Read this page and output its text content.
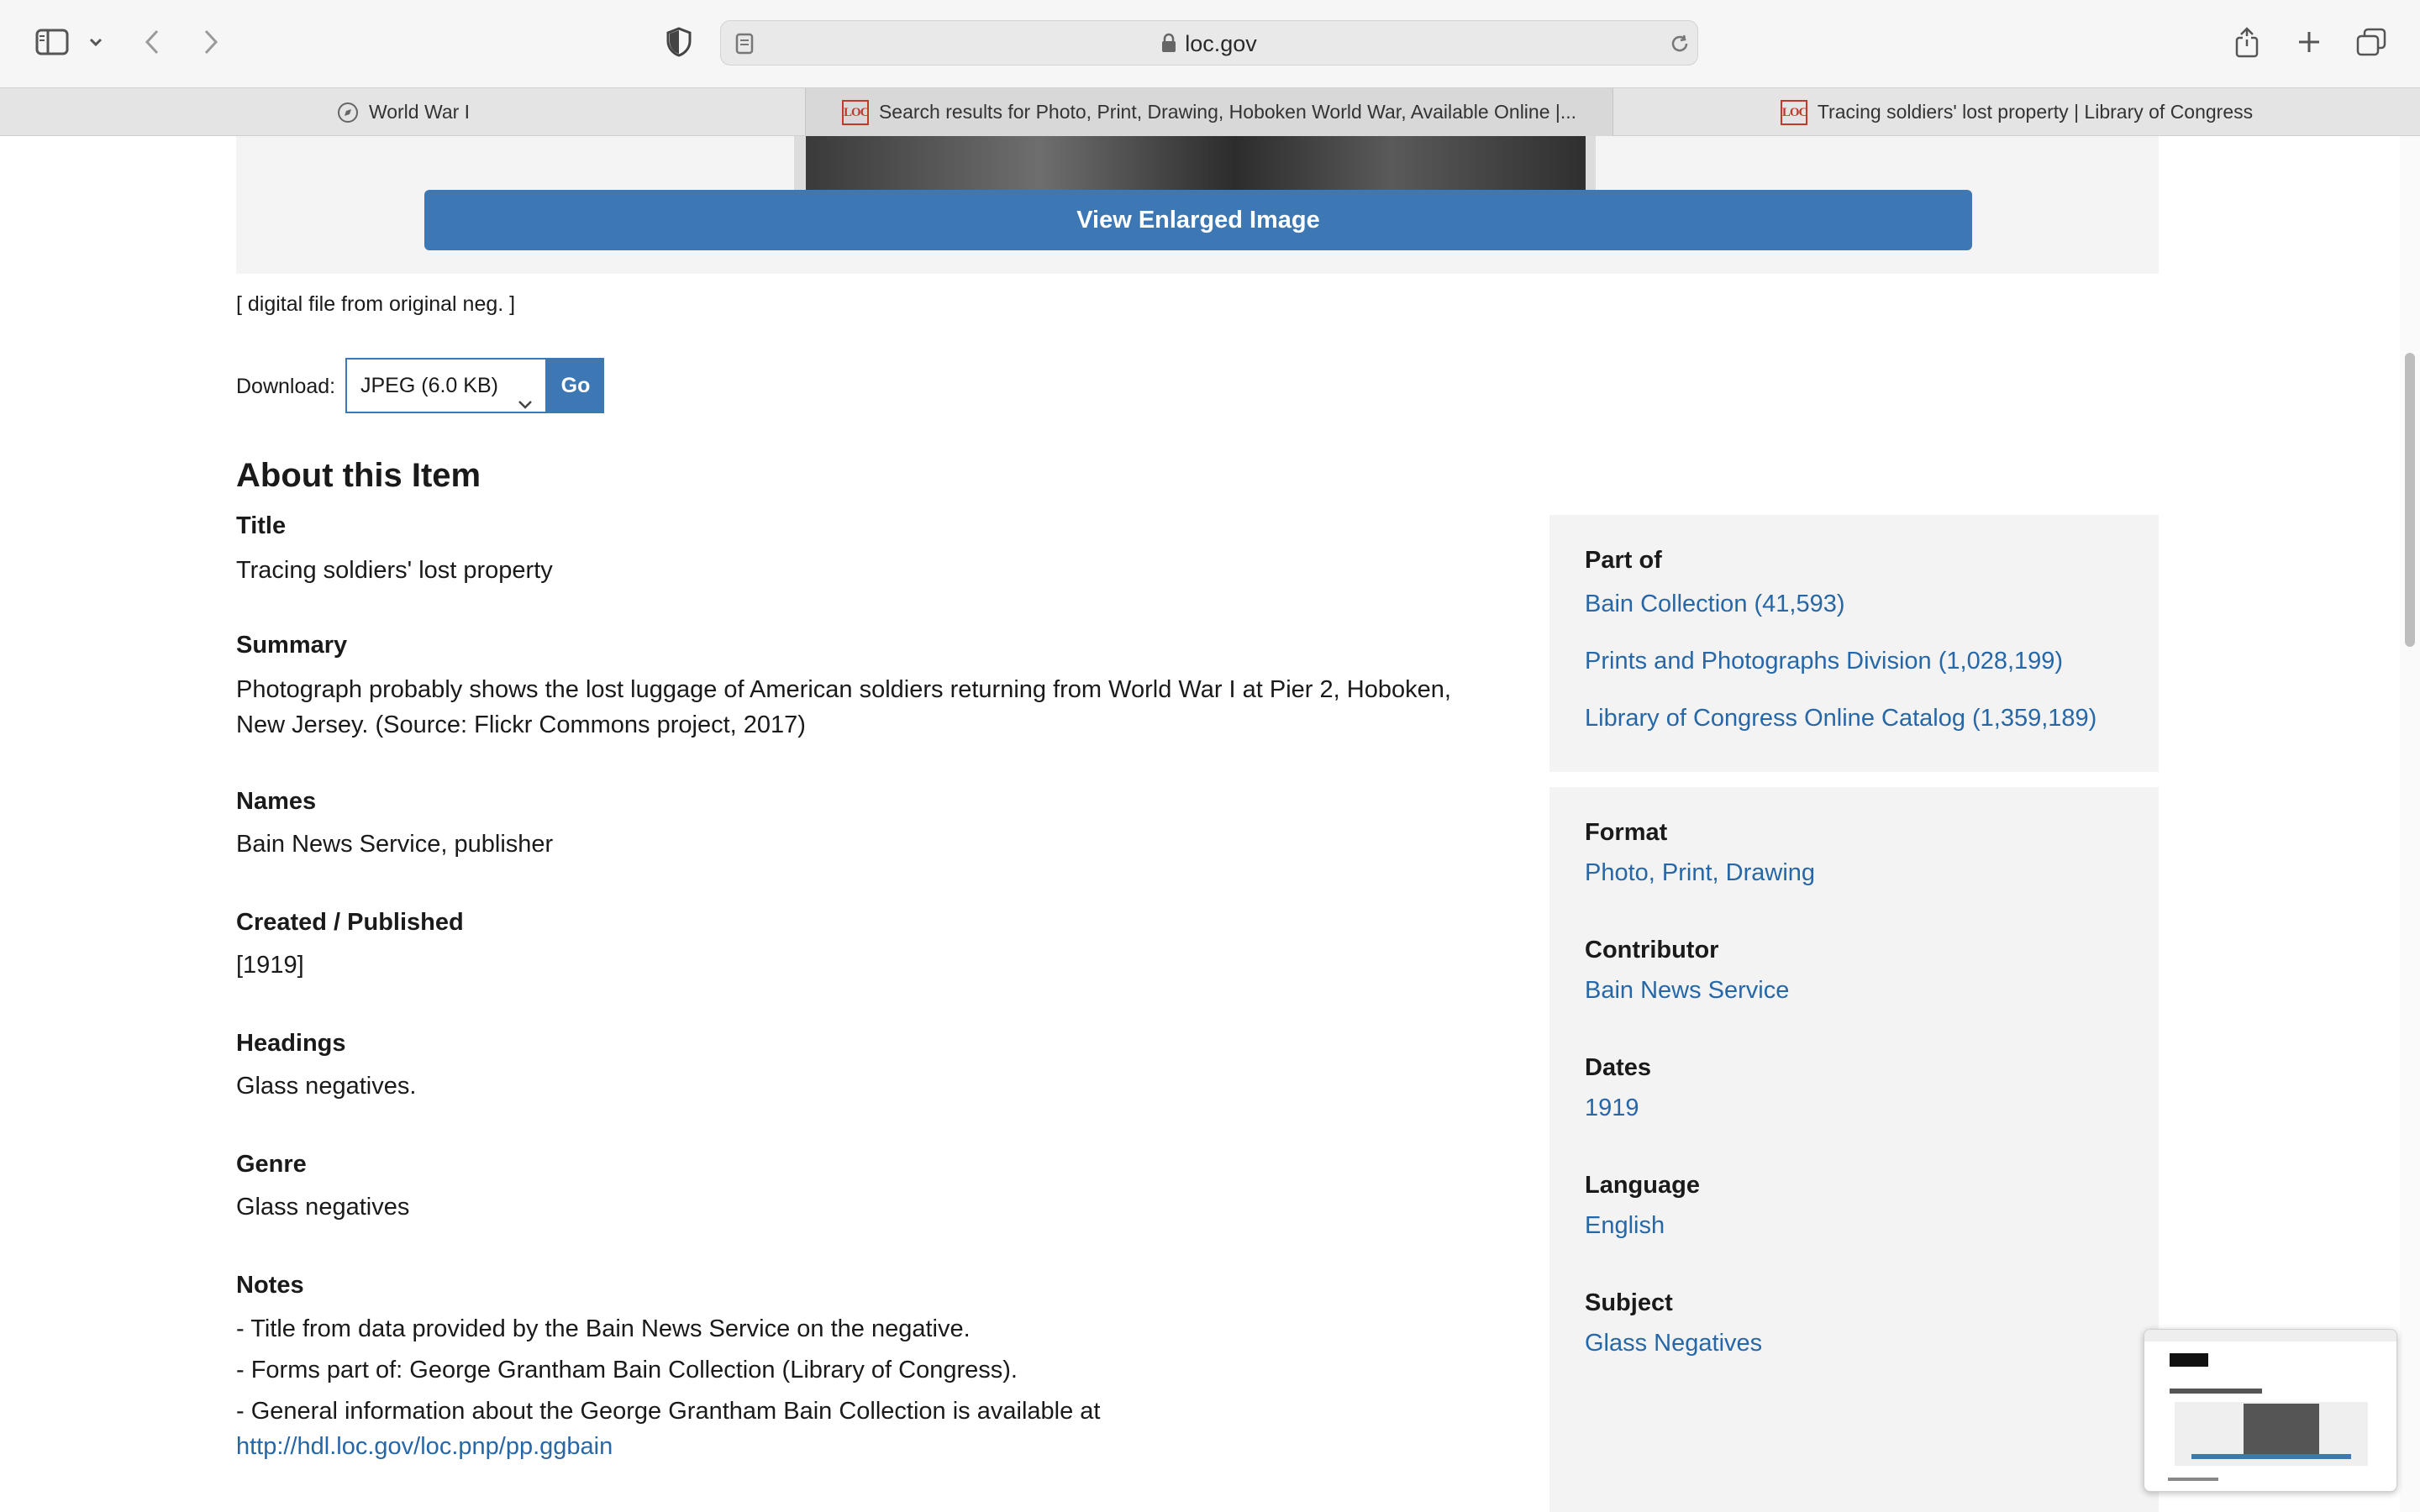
loc.gov
World War I	LOC Search results for Photo, Print, Drawing, Hoboken World War, Available Online |...	LOC Tracing soldiers' lost property | Library of Congress
View Enlarged Image
[ digital file from original neg. ]
Download:	JPEG (6.0 KB)	Go
About this Item
Title
Tracing soldiers' lost property
Summary
Photograph probably shows the lost luggage of American soldiers returning from World War I at Pier 2, Hoboken,
New Jersey. (Source: Flickr Commons project, 2017)
Names
Bain News Service, publisher
Created / Published
[1919]
Headings
Glass negatives.
Genre
Glass negatives
Notes
- Title from data provided by the Bain News Service on the negative.
- Forms part of: George Grantham Bain Collection (Library of Congress).
- General information about the George Grantham Bain Collection is available at
http://hdl.loc.gov/loc.pnp/pp.ggbain
Part of
Bain Collection (41,593)
Prints and Photographs Division (1,028,199)
Library of Congress Online Catalog (1,359,189)
Format
Photo, Print, Drawing
Contributor
Bain News Service
Dates
1919
Language
English
Subject
Glass Negatives
